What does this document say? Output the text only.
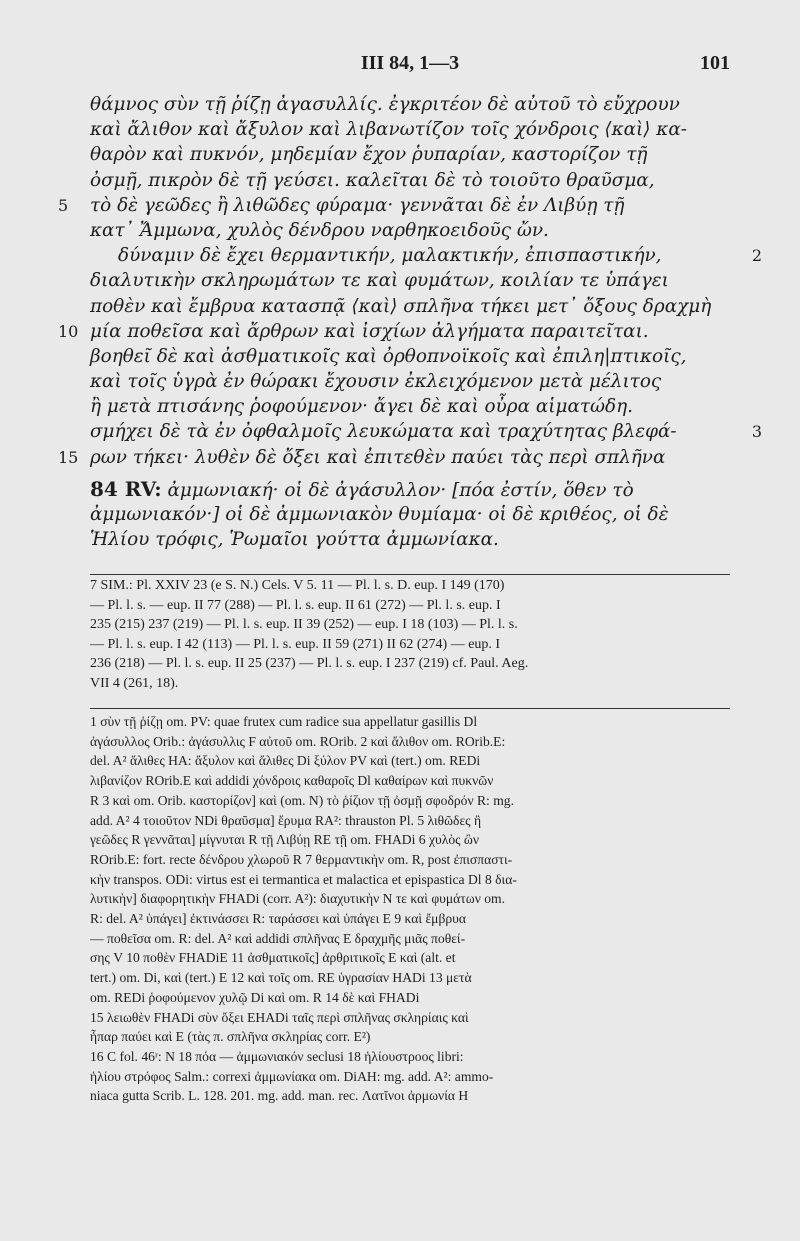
III 84, 1—3	101
θάμνος σὺν τῇ ῥίζῃ ἀγασυλλίς. ἐγκριτέον δὲ αὐτοῦ τὸ εὔχρουν
καὶ ἄλιθον καὶ ἄξυλον καὶ λιβανωτίζον τοῖς χόνδροις ⟨καὶ⟩ κα-
θαρὸν καὶ πυκνόν, μηδεμίαν ἔχον ῥυπαρίαν, καστορίζον τῇ
ὀσμῇ, πικρὸν δὲ τῇ γεύσει. καλεῖται δὲ τὸ τοιοῦτο θραῦσμα,
5	τὸ δὲ γεῶδες ἢ λιθῶδες φύραμα· γεννᾶται δὲ ἐν Λιβύῃ τῇ
κατ᾽ Ἄμμωνα, χυλὸς δένδρου ναρθηκοειδοῦς ὤν.
δύναμιν δὲ ἔχει θερμαντικήν, μαλακτικήν, ἐπισπαστικήν,	2
διαλυτικὴν σκληρωμάτων τε καὶ φυμάτων, κοιλίαν τε ὑπάγει
ποθὲν καὶ ἔμβρυα κατασπᾷ ⟨καὶ⟩ σπλῆνα τήκει μετ᾽ ὄξους δραχμὴ
10 μία ποθεῖσα καὶ ἄρθρων καὶ ἰσχίων ἀλγήματα παραιτεῖται.
βοηθεῖ δὲ καὶ ἀσθματικοῖς καὶ ὀρθοπνοϊκοῖς καὶ ἐπιλη|πτικοῖς,
καὶ τοῖς ὑγρὰ ἐν θώρακι ἔχουσιν ἐκλειχόμενον μετὰ μέλιτος
ἢ μετὰ πτισάνης ῥοφούμενον· ἄγει δὲ καὶ οὖρα αἱματώδη.
σμήχει δὲ τὰ ἐν ὀφθαλμοῖς λευκώματα καὶ τραχύτητας βλεφά-	3
15 ρων τήκει· λυθὲν δὲ ὄξει καὶ ἐπιτεθὲν παύει τὰς περὶ σπλῆνα
84 RV: ἀμμωνιακή· οἱ δὲ ἀγάσυλλον· [πόα ἐστίν, ὅθεν τὸ
ἀμμωνιακόν·] οἱ δὲ ἀμμωνιακὸν θυμίαμα· οἱ δὲ κριθέος, οἱ δὲ
Ἡλίου τρόφις, Ῥωμαῖοι γούττα ἀμμωνίακα.
7 SIM.: Pl. XXIV 23 (e S. N.) Cels. V 5. 11 — Pl. l. s. D. eup. I 149 (170)
— Pl. l. s. — eup. II 77 (288) — Pl. l. s. eup. II 61 (272) — Pl. l. s. eup. I
235 (215) 237 (219) — Pl. l. s. eup. II 39 (252) — eup. I 18 (103) — Pl. l. s.
— Pl. l. s. eup. I 42 (113) — Pl. l. s. eup. II 59 (271) II 62 (274) — eup. I
236 (218) — Pl. l. s. eup. II 25 (237) — Pl. l. s. eup. I 237 (219) cf. Paul. Aeg.
VII 4 (261, 18).
1 σὺν τῇ ῥίζῃ om. PV: quae frutex cum radice sua appellatur gasillis Dl
ἀγάσυλλος Orib.: ἀγάσυλλις F αὐτοῦ om. ROrib. 2 καὶ ἄλιθον om. ROrib.E:
del. A² ἄλιθες HA: ἄξυλον καὶ ἄλιθες Di ξύλον PV καὶ (tert.) om. REDi
λιβανίζον ROrib.E καὶ addidi χόνδροις καθαροῖς Dl καθαίρων καὶ πυκνῶν
R 3 καὶ om. Orib. καστορίζον] καὶ (om. N) τὸ ῥίζιον τῇ ὀσμῇ σφοδρόν R: mg.
add. A² 4 τοιοῦτον NDi θραῦσμα] ἔρυμα RA²: thrauston Pl. 5 λιθῶδες ἢ
γεῶδες R γεννᾶται] μίγνυται R τῇ Λιβύῃ RE τῇ om. FHADi 6 χυλὸς ὢν
ROrib.E: fort. recte δένδρου χλωροῦ R 7 θερμαντικὴν om. R, post ἐπισπαστι-
κὴν transpos. ODi: virtus est ei termantica et malactica et epispastica Dl 8 δια-
λυτικὴν] διαφορητικὴν FHADi (corr. A²): διαχυτικὴν N τε καὶ φυμάτων om.
R: del. A² ὑπάγει] ἐκτινάσσει R: ταράσσει καὶ ὑπάγει E 9 καὶ ἔμβρυα
— ποθεῖσα om. R: del. A² καὶ addidi σπλῆνας E δραχμῆς μιᾶς ποθεί-
σης V 10 ποθὲν FHADiE 11 ἀσθματικοῖς] ἀρθριτικοῖς E καὶ (alt. et
tert.) om. Di, καὶ (tert.) E 12 καὶ τοῖς om. RE ὑγρασίαν HADi 13 μετὰ
om. REDi ῥοφούμενον χυλῷ Di καὶ om. R 14 δὲ καὶ FHADi
15 λειωθὲν FHADi σὺν ὄξει EHADi ταῖς περὶ σπλῆνας σκληρίαις καὶ
ἧπαρ παύει καὶ E (τὰς π. σπλῆνα σκληρίας corr. E²)
16 C fol. 46ʳ: N 18 πόα — ἀμμωνιακόν seclusi 18 ἡλίουστροος libri:
ἡλίου στρόφος Salm.: correxi ἀμμωνίακα om. DiAH: mg. add. A²: ammo-
niaca gutta Scrib. L. 128. 201. mg. add. man. rec. Λατῖνοι ἀρμωνία H
